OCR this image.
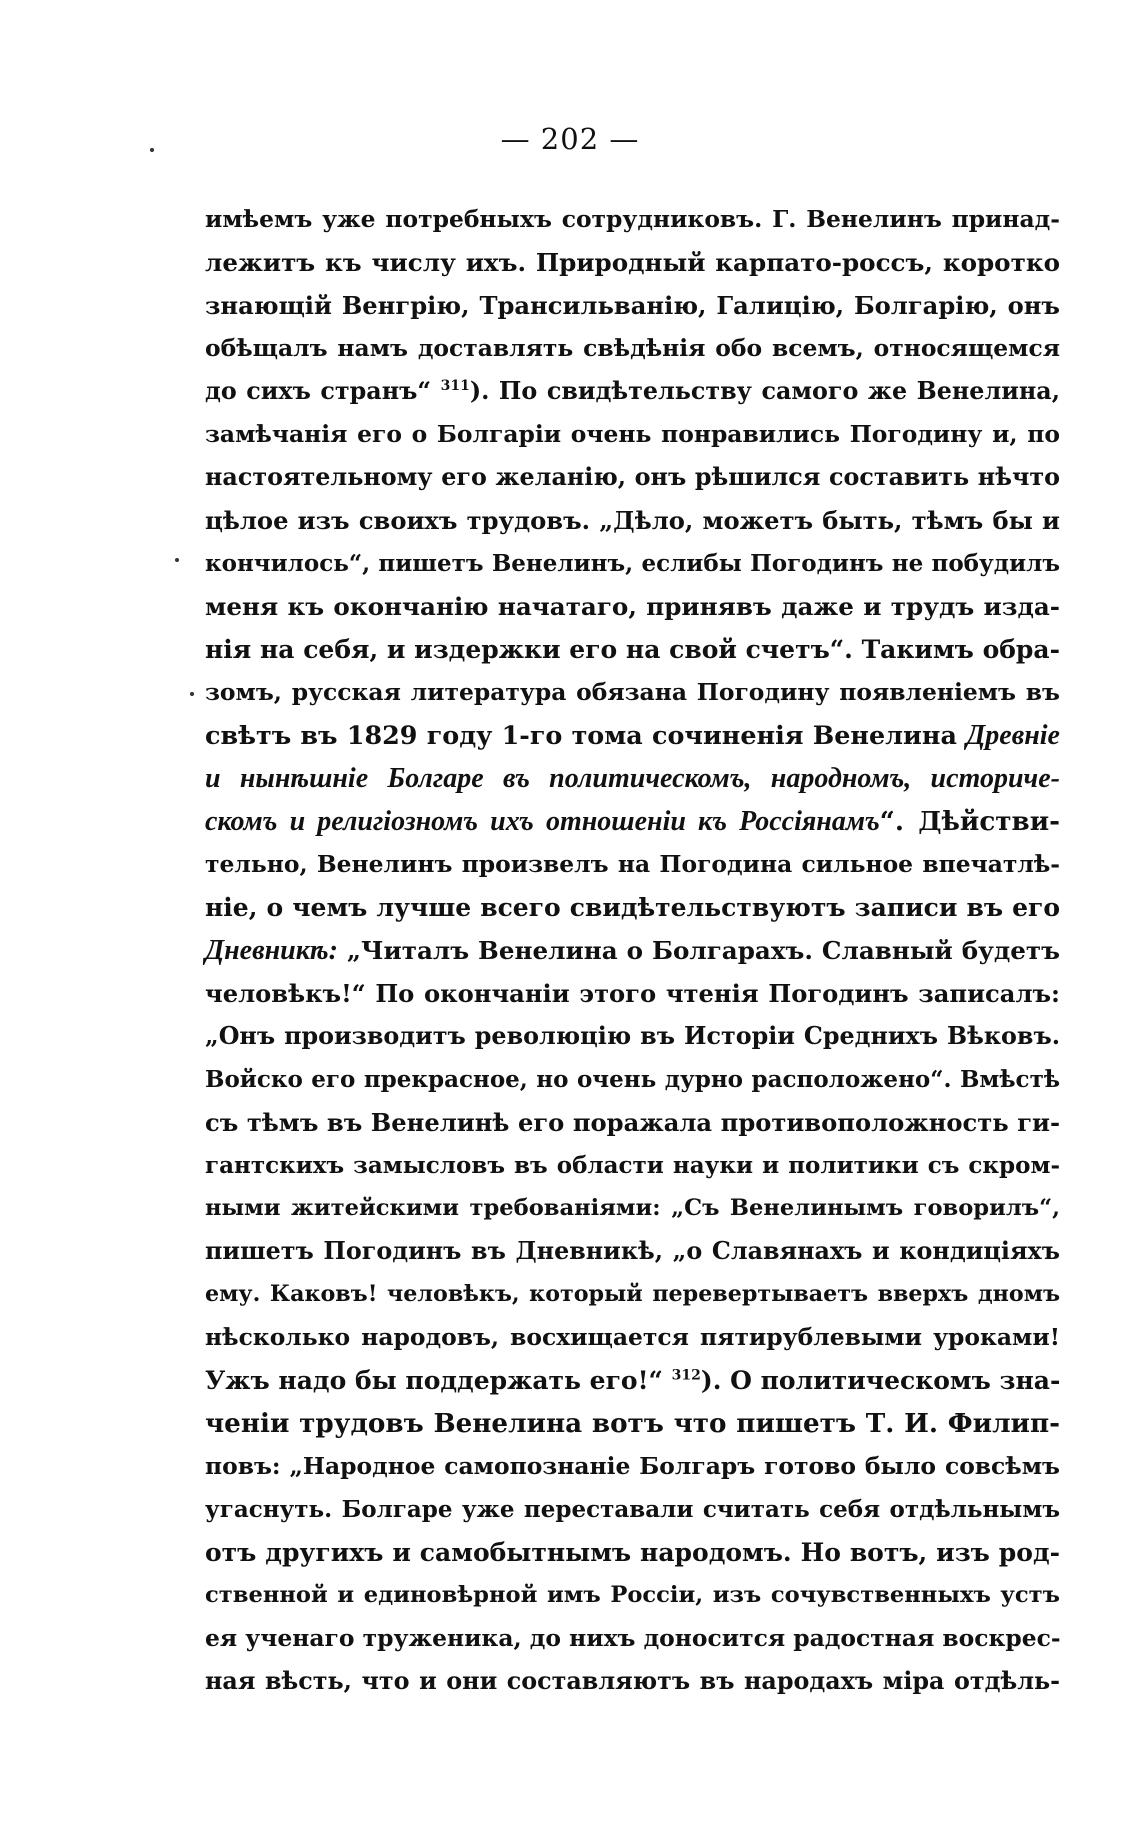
— 202 —
имѣемъ уже потребныхъ сотрудниковъ. Г. Венелинъ принад-
лежитъ къ числу ихъ. Природный карпато-россъ, коротко
знающій Венгрію, Трансильванію, Галицію, Болгарію, онъ
обѣщалъ намъ доставлять свѣдѣнія обо всемъ, относящемся
до сихъ странъ“ $^{311}$). По свидѣтельству самого же Венелина,
замѣчанія его о Болгаріи очень понравились Погодину и, по
настоятельному его желанію, онъ рѣшился составить нѣчто
цѣлое изъ своихъ трудовъ. „Дѣло, можетъ быть, тѣмъ бы и
кончилось“, пишетъ Венелинъ, еслибы Погодинъ не побудилъ
меня къ окончанію начатаго, принявъ даже и трудъ изда-
нія на себя, и издержки его на свой счетъ“. Такимъ обра-
зомъ, русская литература обязана Погодину появленіемъ въ
свѣтъ въ 1829 году 1-го тома сочиненія Венелина Древніе
и нынѣшніе Болгаре въ политическомъ, народномъ, историче-
скомъ и религіозномъ ихъ отношеніи къ Россіянамъ“. Дѣйстви-
тельно, Венелинъ произвелъ на Погодина сильное впечатлѣ-
ніе, о чемъ лучше всего свидѣтельствуютъ записи въ его
Дневникѣ: „Читалъ Венелина о Болгарахъ. Славный будетъ
человѣкъ!“ По окончаніи этого чтенія Погодинъ записалъ:
„Онъ производитъ революцію въ Исторіи Среднихъ Вѣковъ.
Войско его прекрасное, но очень дурно расположено“. Вмѣстѣ
съ тѣмъ въ Венелинѣ его поражала противоположность ги-
гантскихъ замысловъ въ области науки и политики съ скром-
ными житейскими требованіями: „Съ Венелинымъ говорилъ“,
пишетъ Погодинъ въ Дневникѣ, „о Славянахъ и кондиціяхъ
ему. Каковъ! человѣкъ, который перевертываетъ вверхъ дномъ
нѣсколько народовъ, восхищается пятирублевыми уроками!
Ужъ надо бы поддержать его!“ $^{312}$). О политическомъ зна-
ченіи трудовъ Венелина вотъ что пишетъ Т. И. Филип-
повъ: „Народное самопознаніе Болгаръ готово было совсѣмъ
угаснуть. Болгаре уже переставали считать себя отдѣльнымъ
отъ другихъ и самобытнымъ народомъ. Но вотъ, изъ род-
ственной и единовѣрной имъ Россіи, изъ сочувственныхъ устъ
ея ученаго труженика, до нихъ доносится радостная воскрес-
ная вѣсть, что и они составляютъ въ народахъ міра отдѣль-
